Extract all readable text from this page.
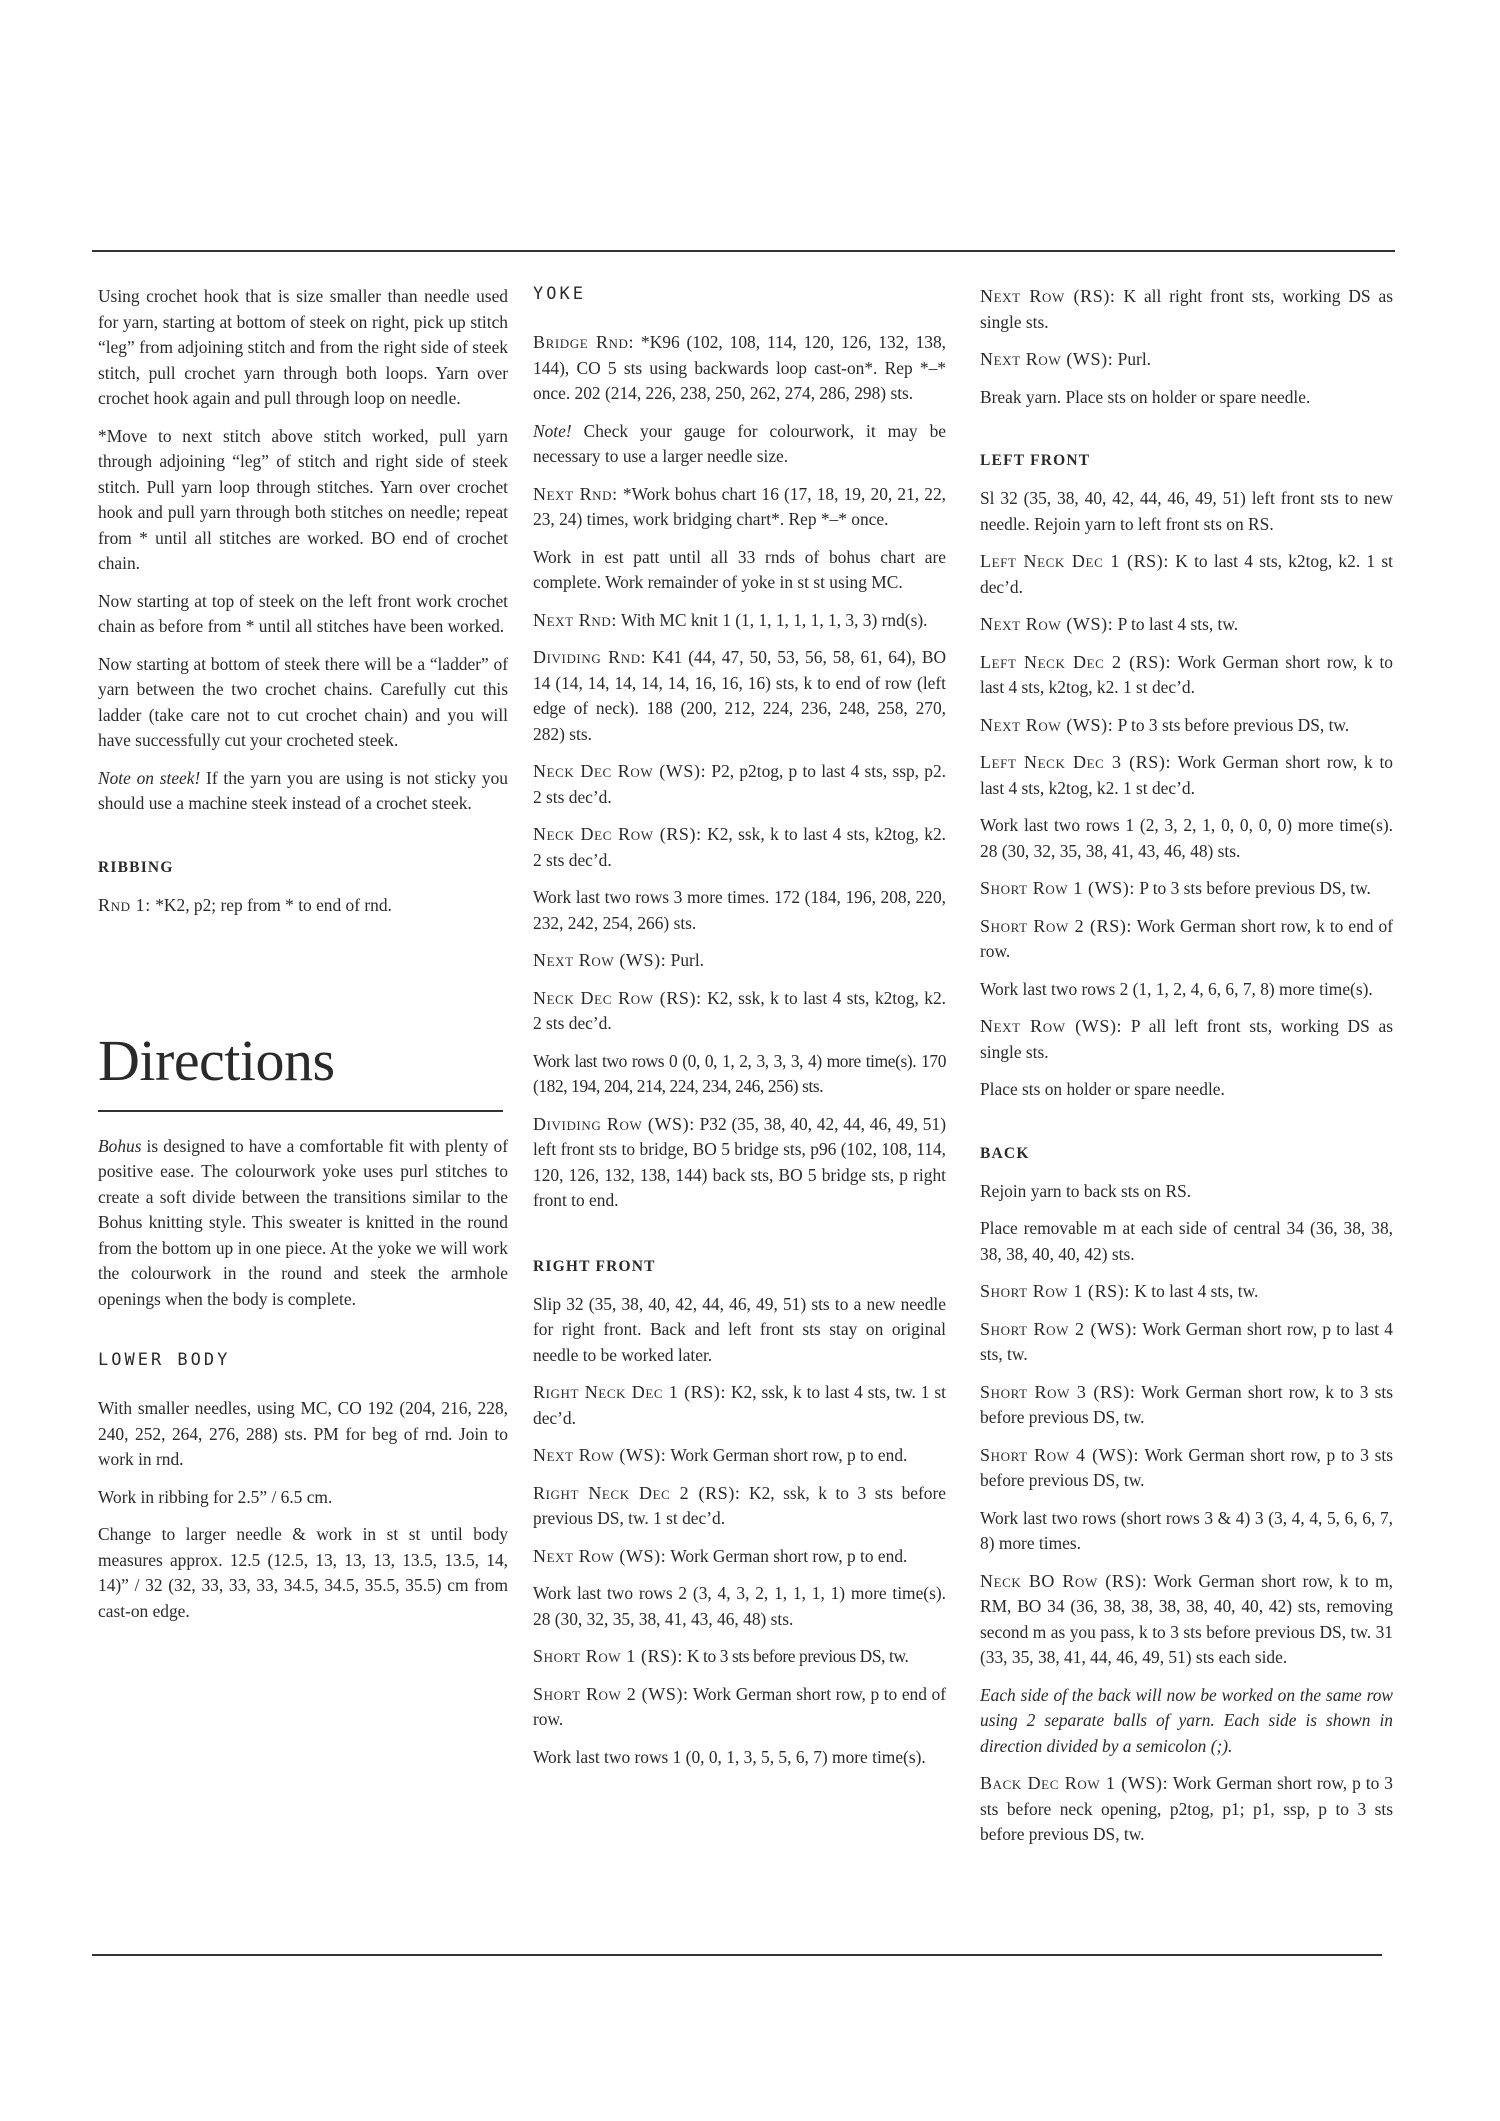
Using crochet hook that is size smaller than needle used for yarn, starting at bottom of steek on right, pick up stitch “leg” from adjoining stitch and from the right side of steek stitch, pull crochet yarn through both loops. Yarn over crochet hook again and pull through loop on needle.

*Move to next stitch above stitch worked, pull yarn through adjoining “leg” of stitch and right side of steek stitch. Pull yarn loop through stitches. Yarn over crochet hook and pull yarn through both stitches on needle; repeat from * until all stitches are worked. BO end of crochet chain.

Now starting at top of steek on the left front work crochet chain as before from * until all stitches have been worked.

Now starting at bottom of steek there will be a “ladder” of yarn between the two crochet chains. Carefully cut this ladder (take care not to cut crochet chain) and you will have successfully cut your crocheted steek.

Note on steek! If the yarn you are using is not sticky you should use a machine steek instead of a crochet steek.

RIBBING

Rnd 1: *K2, p2; rep from * to end of rnd.

Directions

Bohus is designed to have a comfortable fit with plenty of positive ease. The colourwork yoke uses purl stitches to create a soft divide between the transitions similar to the Bohus knitting style. This sweater is knitted in the round from the bottom up in one piece. At the yoke we will work the colourwork in the round and steek the armhole openings when the body is complete.

LOWER BODY

With smaller needles, using MC, CO 192 (204, 216, 228, 240, 252, 264, 276, 288) sts. PM for beg of rnd. Join to work in rnd.

Work in ribbing for 2.5” / 6.5 cm.

Change to larger needle & work in st st until body measures approx. 12.5 (12.5, 13, 13, 13, 13.5, 13.5, 14, 14)” / 32 (32, 33, 33, 33, 34.5, 34.5, 35.5, 35.5) cm from cast-on edge.

YOKE

Bridge Rnd: *K96 (102, 108, 114, 120, 126, 132, 138, 144), CO 5 sts using backwards loop cast-on*. Rep *–* once. 202 (214, 226, 238, 250, 262, 274, 286, 298) sts.

Note! Check your gauge for colourwork, it may be necessary to use a larger needle size.

Next Rnd: *Work bohus chart 16 (17, 18, 19, 20, 21, 22, 23, 24) times, work bridging chart*. Rep *–* once.

Work in est patt until all 33 rnds of bohus chart are complete. Work remainder of yoke in st st using MC.

Next Rnd: With MC knit 1 (1, 1, 1, 1, 1, 1, 3, 3) rnd(s).

Dividing Rnd: K41 (44, 47, 50, 53, 56, 58, 61, 64), BO 14 (14, 14, 14, 14, 14, 16, 16, 16) sts, k to end of row (left edge of neck). 188 (200, 212, 224, 236, 248, 258, 270, 282) sts.

Neck Dec Row (WS): P2, p2tog, p to last 4 sts, ssp, p2. 2 sts dec’d.

Neck Dec Row (RS): K2, ssk, k to last 4 sts, k2tog, k2. 2 sts dec’d.

Work last two rows 3 more times. 172 (184, 196, 208, 220, 232, 242, 254, 266) sts.

Next Row (WS): Purl.

Neck Dec Row (RS): K2, ssk, k to last 4 sts, k2tog, k2. 2 sts dec’d.

Work last two rows 0 (0, 0, 1, 2, 3, 3, 3, 4) more time(s). 170 (182, 194, 204, 214, 224, 234, 246, 256) sts.

Dividing Row (WS): P32 (35, 38, 40, 42, 44, 46, 49, 51) left front sts to bridge, BO 5 bridge sts, p96 (102, 108, 114, 120, 126, 132, 138, 144) back sts, BO 5 bridge sts, p right front to end.

RIGHT FRONT

Slip 32 (35, 38, 40, 42, 44, 46, 49, 51) sts to a new needle for right front. Back and left front sts stay on original needle to be worked later.

Right Neck Dec 1 (RS): K2, ssk, k to last 4 sts, tw. 1 st dec’d.

Next Row (WS): Work German short row, p to end.

Right Neck Dec 2 (RS): K2, ssk, k to 3 sts before previous DS, tw. 1 st dec’d.

Next Row (WS): Work German short row, p to end.

Work last two rows 2 (3, 4, 3, 2, 1, 1, 1, 1) more time(s). 28 (30, 32, 35, 38, 41, 43, 46, 48) sts.

Short Row 1 (RS): K to 3 sts before previous DS, tw.

Short Row 2 (WS): Work German short row, p to end of row.

Work last two rows 1 (0, 0, 1, 3, 5, 5, 6, 7) more time(s).

Next Row (RS): K all right front sts, working DS as single sts.

Next Row (WS): Purl.

Break yarn. Place sts on holder or spare needle.

LEFT FRONT

Sl 32 (35, 38, 40, 42, 44, 46, 49, 51) left front sts to new needle. Rejoin yarn to left front sts on RS.

Left Neck Dec 1 (RS): K to last 4 sts, k2tog, k2. 1 st dec’d.

Next Row (WS): P to last 4 sts, tw.

Left Neck Dec 2 (RS): Work German short row, k to last 4 sts, k2tog, k2. 1 st dec’d.

Next Row (WS): P to 3 sts before previous DS, tw.

Left Neck Dec 3 (RS): Work German short row, k to last 4 sts, k2tog, k2. 1 st dec’d.

Work last two rows 1 (2, 3, 2, 1, 0, 0, 0, 0) more time(s). 28 (30, 32, 35, 38, 41, 43, 46, 48) sts.

Short Row 1 (WS): P to 3 sts before previous DS, tw.

Short Row 2 (RS): Work German short row, k to end of row.

Work last two rows 2 (1, 1, 2, 4, 6, 6, 7, 8) more time(s).

Next Row (WS): P all left front sts, working DS as single sts.

Place sts on holder or spare needle.

BACK

Rejoin yarn to back sts on RS.

Place removable m at each side of central 34 (36, 38, 38, 38, 38, 40, 40, 42) sts.

Short Row 1 (RS): K to last 4 sts, tw.

Short Row 2 (WS): Work German short row, p to last 4 sts, tw.

Short Row 3 (RS): Work German short row, k to 3 sts before previous DS, tw.

Short Row 4 (WS): Work German short row, p to 3 sts before previous DS, tw.

Work last two rows (short rows 3 & 4) 3 (3, 4, 4, 5, 6, 6, 7, 8) more times.

Neck BO Row (RS): Work German short row, k to m, RM, BO 34 (36, 38, 38, 38, 38, 40, 40, 42) sts, removing second m as you pass, k to 3 sts before previous DS, tw. 31 (33, 35, 38, 41, 44, 46, 49, 51) sts each side.

Each side of the back will now be worked on the same row using 2 separate balls of yarn. Each side is shown in direction divided by a semicolon (;).

Back Dec Row 1 (WS): Work German short row, p to 3 sts before neck opening, p2tog, p1; p1, ssp, p to 3 sts before previous DS, tw.
